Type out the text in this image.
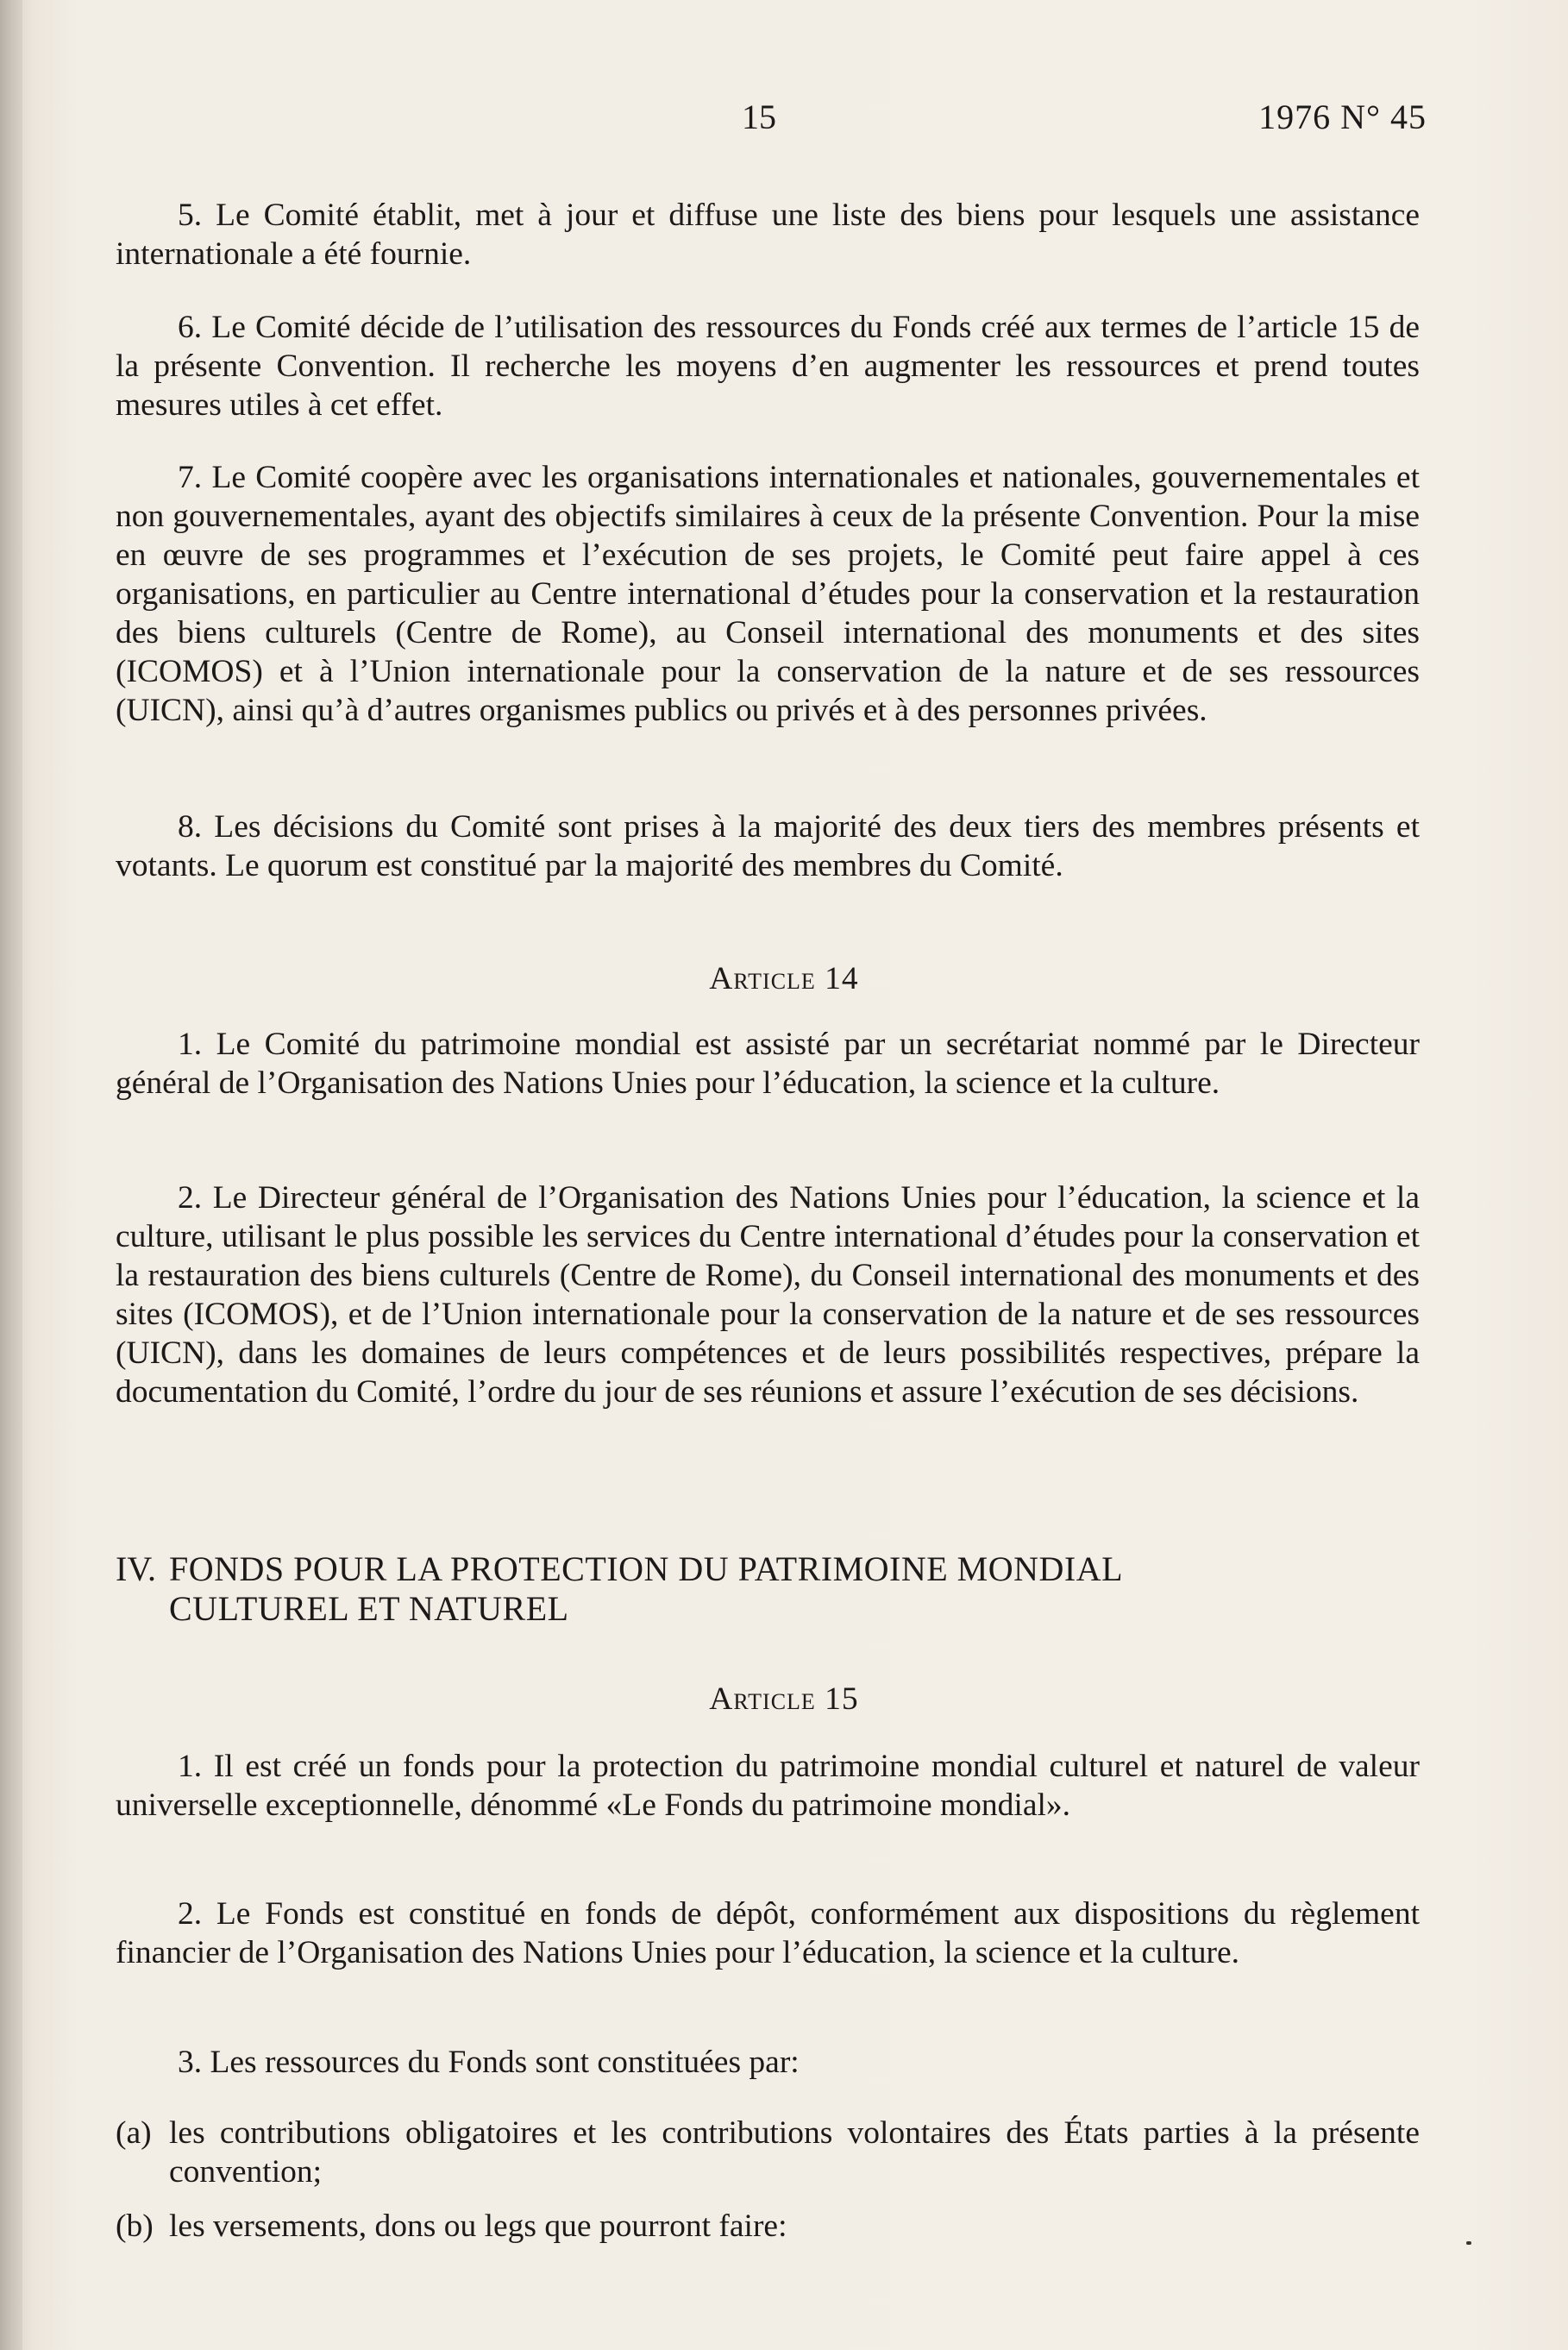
15	1976 N° 45
5. Le Comité établit, met à jour et diffuse une liste des biens pour lesquels une assistance internationale a été fournie.
6. Le Comité décide de l’utilisation des ressources du Fonds créé aux termes de l’article 15 de la présente Convention. Il recherche les moyens d’en augmenter les ressources et prend toutes mesures utiles à cet effet.
7. Le Comité coopère avec les organisations internationales et nationales, gouvernementales et non gouvernementales, ayant des objectifs similaires à ceux de la présente Convention. Pour la mise en œuvre de ses programmes et l’exécution de ses projets, le Comité peut faire appel à ces organisations, en particulier au Centre international d’études pour la conservation et la restauration des biens culturels (Centre de Rome), au Conseil international des monuments et des sites (ICOMOS) et à l’Union internationale pour la conservation de la nature et de ses ressources (UICN), ainsi qu’à d’autres organismes publics ou privés et à des personnes privées.
8. Les décisions du Comité sont prises à la majorité des deux tiers des membres présents et votants. Le quorum est constitué par la majorité des membres du Comité.
Article 14
1. Le Comité du patrimoine mondial est assisté par un secrétariat nommé par le Directeur général de l’Organisation des Nations Unies pour l’éducation, la science et la culture.
2. Le Directeur général de l’Organisation des Nations Unies pour l’éducation, la science et la culture, utilisant le plus possible les services du Centre international d’études pour la conservation et la restauration des biens culturels (Centre de Rome), du Conseil international des monuments et des sites (ICOMOS), et de l’Union internationale pour la conservation de la nature et de ses ressources (UICN), dans les domaines de leurs compétences et de leurs possibilités respectives, prépare la documentation du Comité, l’ordre du jour de ses réunions et assure l’exécution de ses décisions.
IV. FONDS POUR LA PROTECTION DU PATRIMOINE MONDIAL
CULTUREL ET NATUREL
Article 15
1. Il est créé un fonds pour la protection du patrimoine mondial culturel et naturel de valeur universelle exceptionnelle, dénommé «Le Fonds du patrimoine mondial».
2. Le Fonds est constitué en fonds de dépôt, conformément aux dispositions du règlement financier de l’Organisation des Nations Unies pour l’éducation, la science et la culture.
3. Les ressources du Fonds sont constituées par:
(a) les contributions obligatoires et les contributions volontaires des États parties à la présente convention;
(b) les versements, dons ou legs que pourront faire:
